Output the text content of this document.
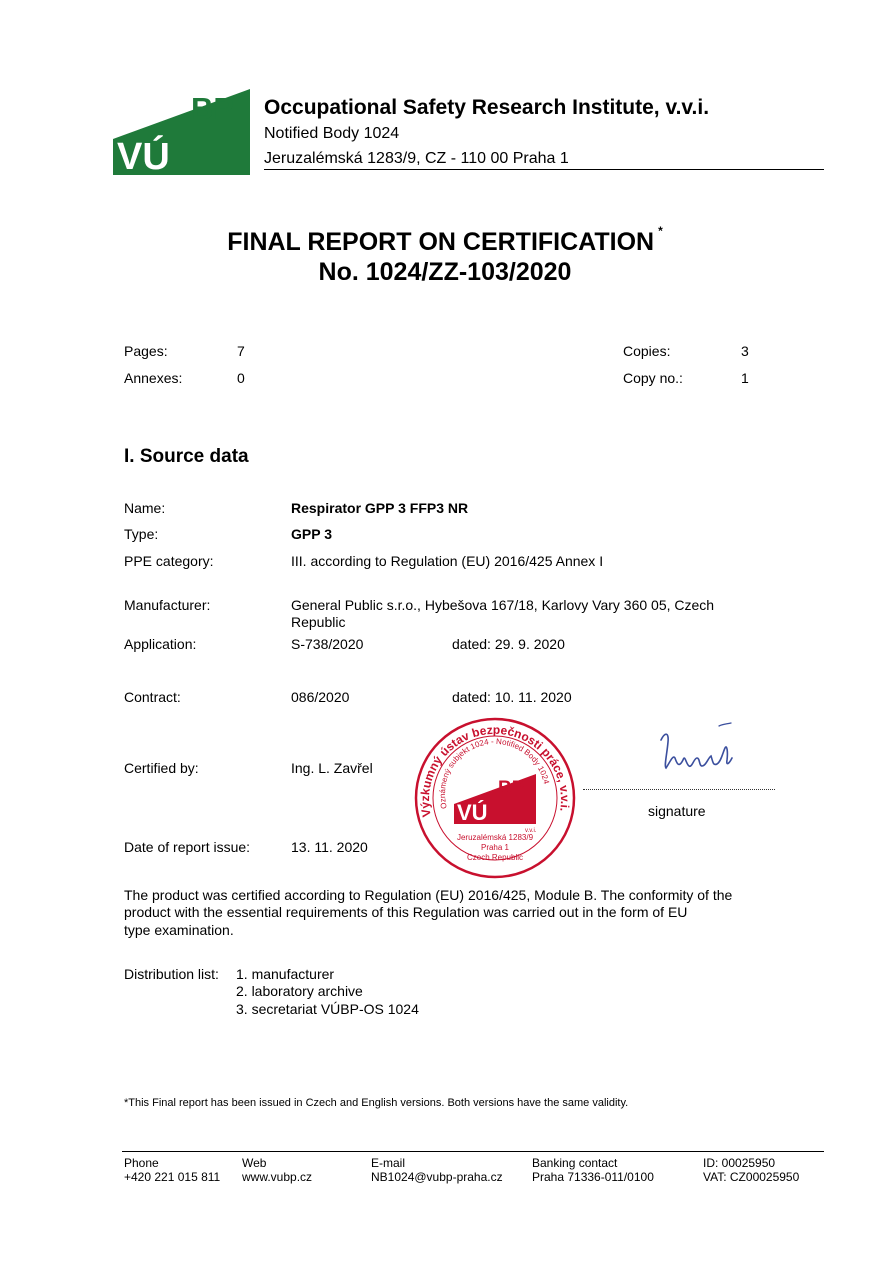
BP
VÚ
Occupational Safety Research Institute, v.v.i.
Notified Body 1024
Jeruzalémská 1283/9, CZ - 110 00 Praha 1
FINAL REPORT ON CERTIFICATION *
No. 1024/ZZ-103/2020
Pages:	7
Annexes:	0
Copies:	3
Copy no.:	1
I. Source data
Name:	Respirator GPP 3 FFP3 NR
Type:	GPP 3
PPE category:	III. according to Regulation (EU) 2016/425 Annex I
Manufacturer:	General Public s.r.o., Hybešova 167/18, Karlovy Vary 360 05, Czech
Republic
Application:	S-738/2020	dated: 29. 9. 2020
Contract:	086/2020	dated: 10. 11. 2020
Certified by:	Ing. L. Zavřel
Výzkumný ústav bezpečnosti práce, v.v.i.
Oznámený subjekt 1024 - Notified Body 1024
BP
VÚ
v.v.i.
Jeruzalémská 1283/9
Praha 1
Czech Republic
signature
Date of report issue:	13. 11. 2020
The product was certified according to Regulation (EU) 2016/425, Module B. The conformity of the
product with the essential requirements of this Regulation was carried out in the form of EU
type examination.
Distribution list: 1. manufacturer
2. laboratory archive
3. secretariat VÚBP-OS 1024
*This Final report has been issued in Czech and English versions. Both versions have the same validity.
Phone
+420 221 015 811
Web
www.vubp.cz
E-mail
NB1024@vubp-praha.cz
Banking contact
Praha 71336-011/0100
ID: 00025950
VAT: CZ00025950
